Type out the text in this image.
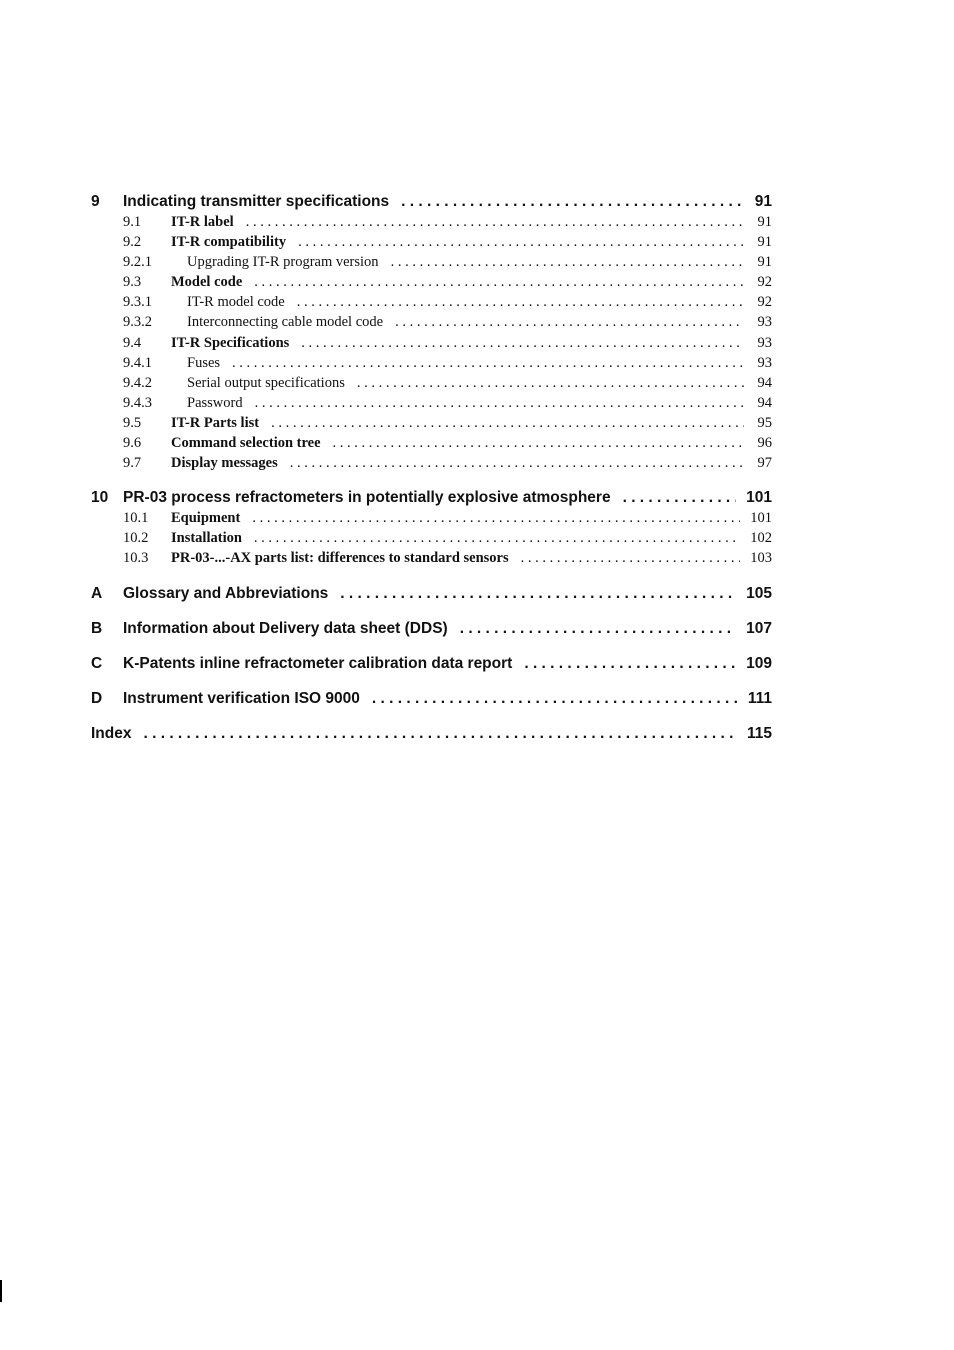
9	Indicating transmitter specifications . . .	91
9.1	IT-R label . . .	91
9.2	IT-R compatibility . . .	91
9.2.1	Upgrading IT-R program version . . .	91
9.3	Model code . . .	92
9.3.1	IT-R model code . . .	92
9.3.2	Interconnecting cable model code . . .	93
9.4	IT-R Specifications . . .	93
9.4.1	Fuses . . .	93
9.4.2	Serial output specifications . . .	94
9.4.3	Password . . .	94
9.5	IT-R Parts list . . .	95
9.6	Command selection tree . . .	96
9.7	Display messages . . .	97
10 PR-03 process refractometers in potentially explosive atmosphere . . .	101
10.1	Equipment . . .	101
10.2	Installation . . .	102
10.3	PR-03-...-AX parts list: differences to standard sensors . . .	103
A	Glossary and Abbreviations . . .	105
B	Information about Delivery data sheet (DDS) . . .	107
C	K-Patents inline refractometer calibration data report . . .	109
D	Instrument verification ISO 9000 . . .	111
Index . . .	115
